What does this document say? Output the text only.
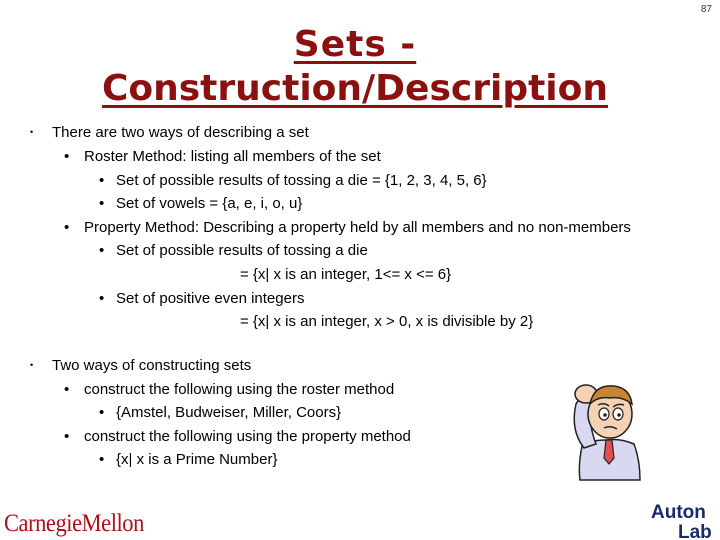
87
Sets -
Construction/Description
• There are two ways of describing a set
• Roster Method: listing all members of the set
• Set of possible results of tossing a die = {1, 2, 3, 4, 5, 6}
• Set of vowels = {a, e, i, o, u}
• Property Method: Describing a property held by all members and no non-members
• Set of possible results of tossing a die
= {x| x is an integer, 1<= x <= 6}
• Set of positive even integers
= {x| x is an integer, x > 0, x is divisible by 2}
• Two ways of constructing sets
• construct the following using the roster method
• {Amstel, Budweiser, Miller, Coors}
• construct the following using the property method
• {x| x is a Prime Number}
CarnegieMellon	Auton
Lab
